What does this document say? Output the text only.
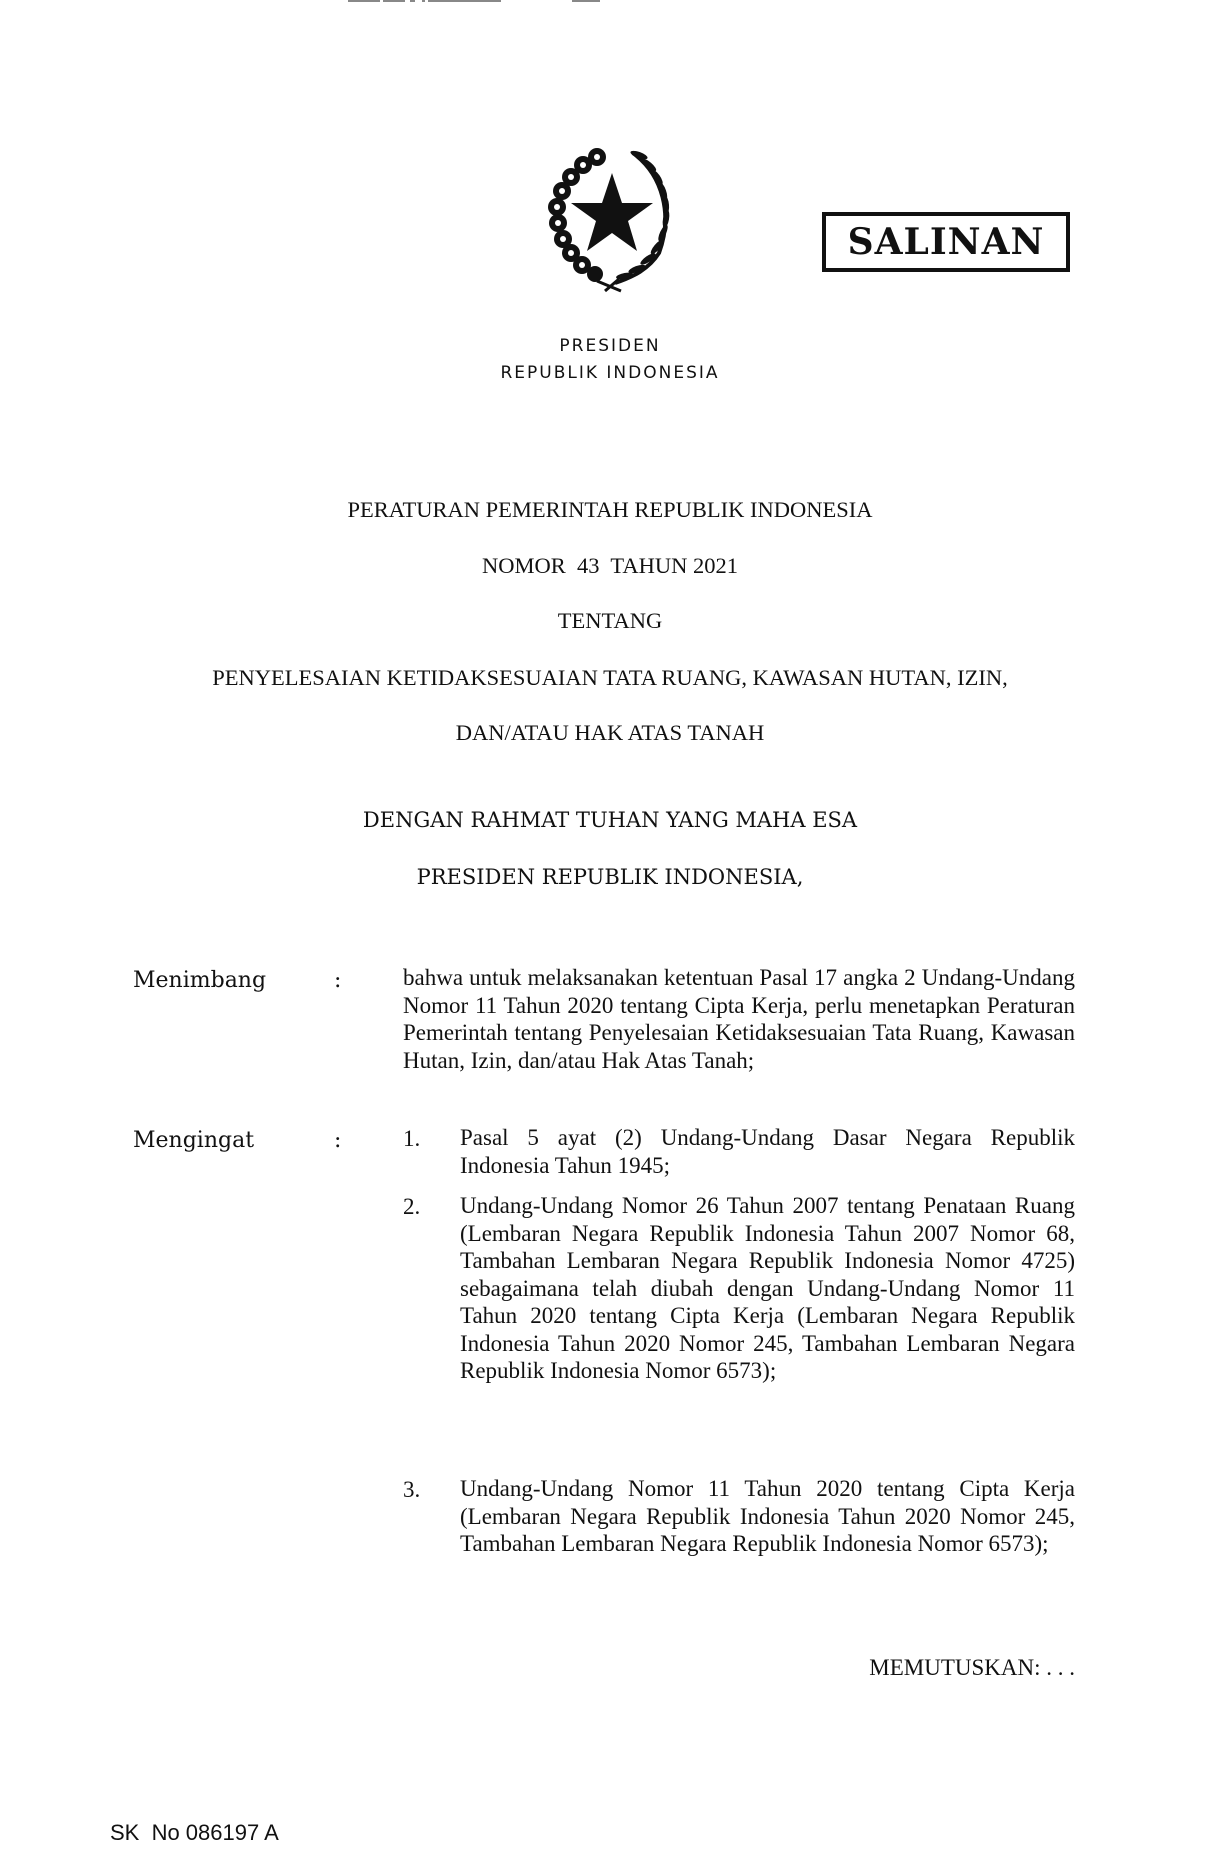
SALINAN
PRESIDEN
REPUBLIK INDONESIA
PERATURAN PEMERINTAH REPUBLIK INDONESIA
NOMOR  43  TAHUN 2021
TENTANG
PENYELESAIAN KETIDAKSESUAIAN TATA RUANG, KAWASAN HUTAN, IZIN,
DAN/ATAU HAK ATAS TANAH
DENGAN RAHMAT TUHAN YANG MAHA ESA
PRESIDEN REPUBLIK INDONESIA,
Menimbang	:	bahwa untuk melaksanakan ketentuan Pasal 17 angka 2 Undang-Undang Nomor 11 Tahun 2020 tentang Cipta Kerja, perlu menetapkan Peraturan Pemerintah tentang Penyelesaian Ketidaksesuaian Tata Ruang, Kawasan Hutan, Izin, dan/atau Hak Atas Tanah;
Mengingat	:	1. Pasal 5 ayat (2) Undang-Undang Dasar Negara Republik Indonesia Tahun 1945;
2. Undang-Undang Nomor 26 Tahun 2007 tentang Penataan Ruang (Lembaran Negara Republik Indonesia Tahun 2007 Nomor 68, Tambahan Lembaran Negara Republik Indonesia Nomor 4725) sebagaimana telah diubah dengan Undang-Undang Nomor 11 Tahun 2020 tentang Cipta Kerja (Lembaran Negara Republik Indonesia Tahun 2020 Nomor 245, Tambahan Lembaran Negara Republik Indonesia Nomor 6573);
3. Undang-Undang Nomor 11 Tahun 2020 tentang Cipta Kerja (Lembaran Negara Republik Indonesia Tahun 2020 Nomor 245, Tambahan Lembaran Negara Republik Indonesia Nomor 6573);
MEMUTUSKAN: . . .
SK  No 086197 A
